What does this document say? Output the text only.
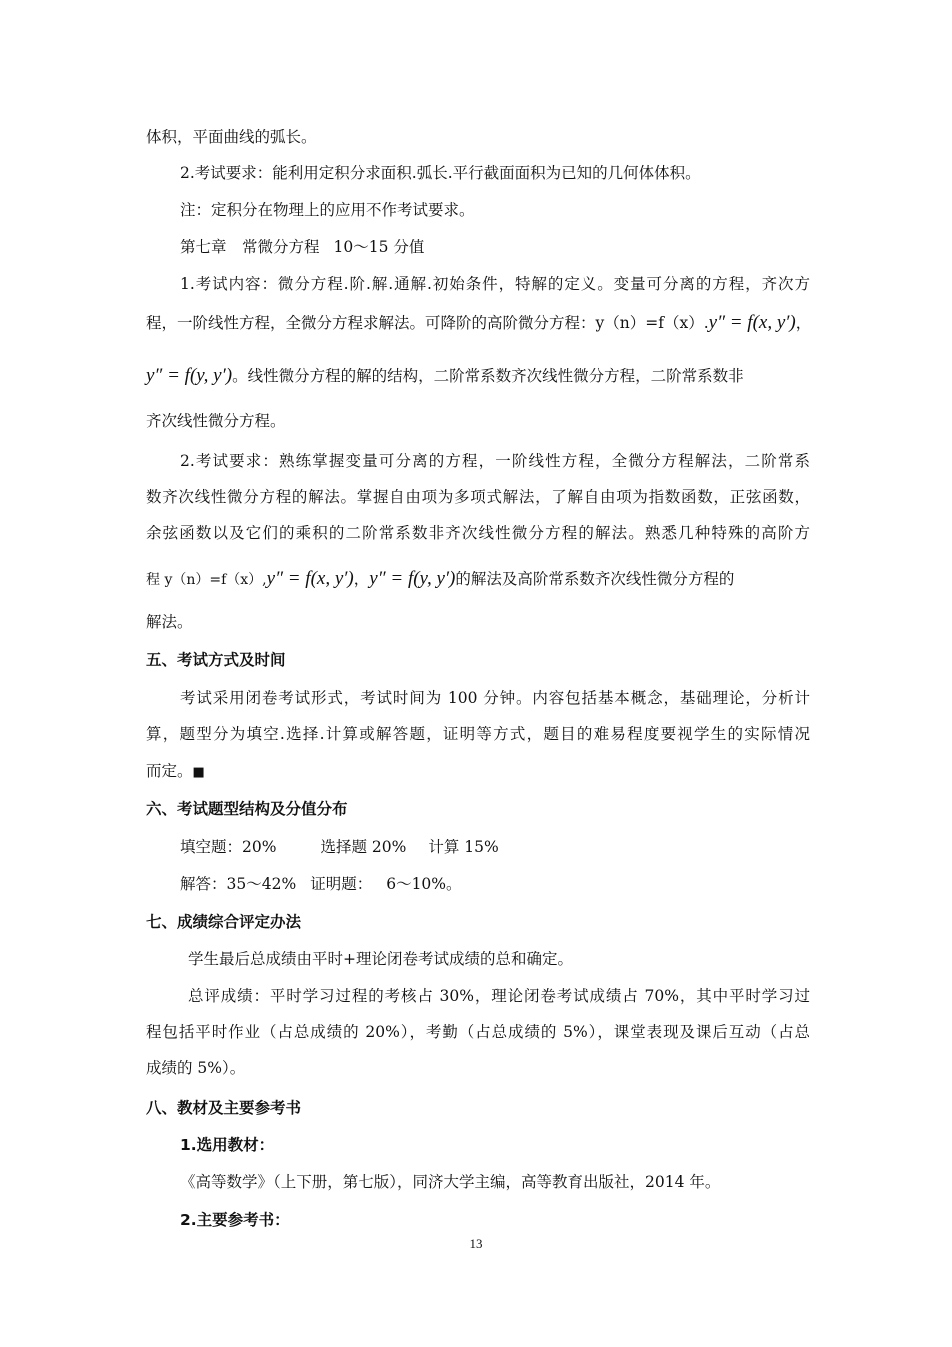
体积，平面曲线的弧长。
2.考试要求：能利用定积分求面积.弧长.平行截面面积为已知的几何体体积。
注：定积分在物理上的应用不作考试要求。
第七章　常微分方程 10～15 分值
1.考试内容：微分方程.阶.解.通解.初始条件，特解的定义。变量可分离的方程，齐次方
程，一阶线性方程，全微分方程求解法。可降阶的高阶微分方程：y（n）=f（x）.y″ = f(x, y′)，
y″ = f(y, y′)。线性微分方程的解的结构，二阶常系数齐次线性微分方程，二阶常系数非
齐次线性微分方程。
2.考试要求：熟练掌握变量可分离的方程，一阶线性方程，全微分方程解法，二阶常系
数齐次线性微分方程的解法。掌握自由项为多项式解法，了解自由项为指数函数，正弦函数，
余弦函数以及它们的乘积的二阶常系数非齐次线性微分方程的解法。熟悉几种特殊的高阶方
程 y（n）=f（x）,y″ = f(x, y′)，y″ = f(y, y′)的解法及高阶常系数齐次线性微分方程的
解法。
五、考试方式及时间
考试采用闭卷考试形式，考试时间为 100 分钟。内容包括基本概念，基础理论，分析计
算，题型分为填空.选择.计算或解答题，证明等方式，题目的难易程度要视学生的实际情况
而定。■
六、考试题型结构及分值分布
填空题：20%	选择题 20% 计算 15%
解答：35～42% 证明题： 6～10%。
七、成绩综合评定办法
学生最后总成绩由平时+理论闭卷考试成绩的总和确定。
总评成绩：平时学习过程的考核占 30%，理论闭卷考试成绩占 70%，其中平时学习过
程包括平时作业（占总成绩的 20%），考勤（占总成绩的 5%），课堂表现及课后互动（占总
成绩的 5%）。
八、教材及主要参考书
1.选用教材：
《高等数学》（上下册，第七版），同济大学主编，高等教育出版社，2014 年。
2.主要参考书：
13
